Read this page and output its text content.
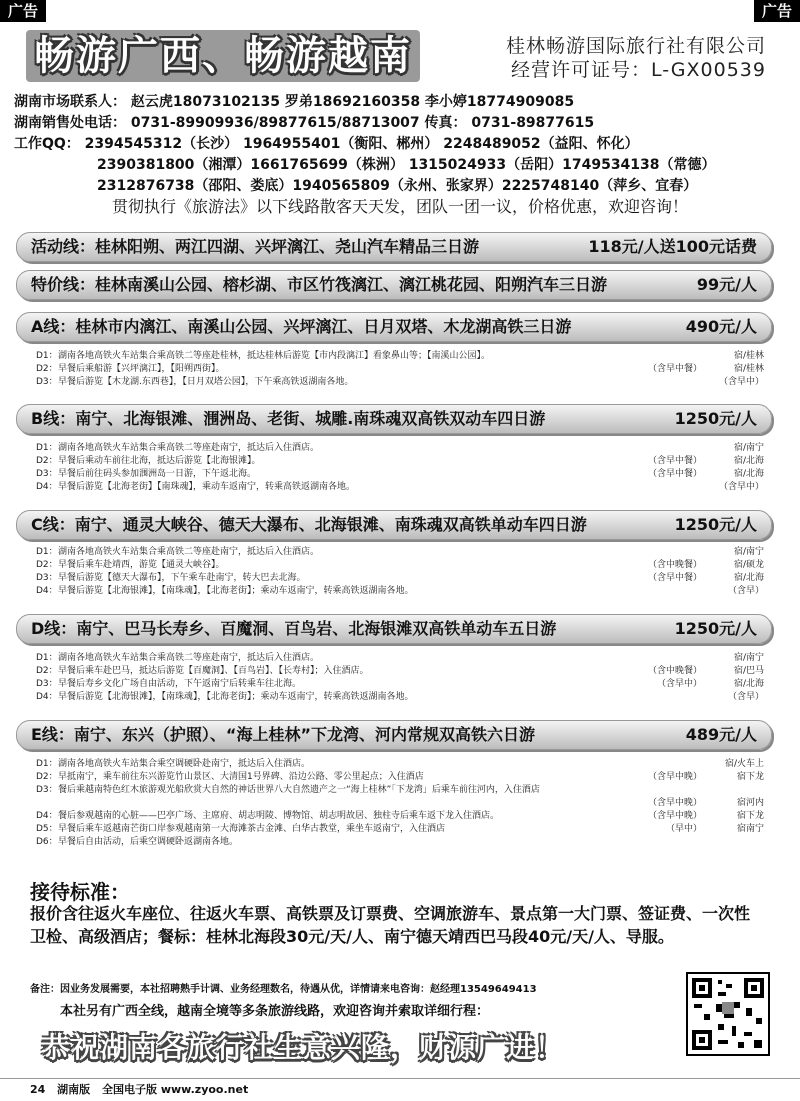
广告	广告
畅游广西、畅游越南	桂林畅游国际旅行社有限公司
经营许可证号：L-GX00539
湖南市场联系人： 赵云虎18073102135 罗弟18692160358 李小婷18774909085
湖南销售处电话： 0731-89909936/89877615/88713007 传真： 0731-89877615
工作QQ： 2394545312（长沙） 1964955401（衡阳、郴州） 2248489052（益阳、怀化）
2390381800（湘潭）1661765699（株洲） 1315024933（岳阳）1749534138（常德）
2312876738（邵阳、娄底）1940565809（永州、张家界）2225748140（萍乡、宜春）
贯彻执行《旅游法》以下线路散客天天发，团队一团一议，价格优惠，欢迎咨询！
活动线：桂林阳朔、两江四湖、兴坪漓江、尧山汽车精品三日游	118元/人送100元话费
特价线：桂林南溪山公园、榕杉湖、市区竹筏漓江、漓江桃花园、阳朔汽车三日游	99元/人
A线：桂林市内漓江、南溪山公园、兴坪漓江、日月双塔、木龙湖高铁三日游	490元/人
D1：湖南各地高铁火车站集合乘高铁二等座赴桂林，抵达桂林后游览【市内段漓江】看象鼻山等；【南溪山公园】。	宿/桂林
D2：早餐后乘船游【兴坪漓江】，【阳朔西街】。	（含早中餐）	宿/桂林
D3：早餐后游览【木龙湖.东西巷】，【日月双塔公园】，下午乘高铁返湖南各地。	（含早中）
B线：南宁、北海银滩、涠洲岛、老街、城雕.南珠魂双高铁双动车四日游	1250元/人
D1：湖南各地高铁火车站集合乘高铁二等座赴南宁，抵达后入住酒店。	宿/南宁
D2：早餐后乘动车前往北海，抵达后游览【北海银滩】。	（含早中餐）	宿/北海
D3：早餐后前往码头参加涠洲岛一日游，下午返北海。	（含早中餐）	宿/北海
D4：早餐后游览【北海老街】【南珠魂】，乘动车返南宁，转乘高铁返湖南各地。	（含早中）
C线：南宁、通灵大峡谷、德天大瀑布、北海银滩、南珠魂双高铁单动车四日游	1250元/人
D1：湖南各地高铁火车站集合乘高铁二等座赴南宁，抵达后入住酒店。	宿/南宁
D2：早餐后乘车赴靖西，游览【通灵大峡谷】。	（含中晚餐）	宿/硕龙
D3：早餐后游览【德天大瀑布】，下午乘车赴南宁，转大巴去北海。	（含早中餐）	宿/北海
D4：早餐后游览【北海银滩】，【南珠魂】，【北海老街】；乘动车返南宁，转乘高铁返湖南各地。	（含早）
D线：南宁、巴马长寿乡、百魔洞、百鸟岩、北海银滩双高铁单动车五日游	1250元/人
D1：湖南各地高铁火车站集合乘高铁二等座赴南宁，抵达后入住酒店。	宿/南宁
D2：早餐后乘车赴巴马，抵达后游览【百魔洞】、【百鸟岩】、【长寿村】；入住酒店。	（含中晚餐）	宿/巴马
D3：早餐后寿乡文化广场自由活动，下午返南宁后转乘车往北海。	（含早中）	宿/北海
D4：早餐后游览【北海银滩】，【南珠魂】，【北海老街】；乘动车返南宁，转乘高铁返湖南各地。	（含早）
E线：南宁、东兴（护照）、“海上桂林”下龙湾、河内常规双高铁六日游	489元/人
D1：湖南各地高铁火车站集合乘空调硬卧赴南宁，抵达后入住酒店。	宿/火车上
D2：早抵南宁，乘车前往东兴游览竹山景区、大清国1号界碑、沿边公路、零公里起点；入住酒店	（含早中晚）	宿下龙
D3：餐后乘越南特色红木旅游观光船欣赏大自然的神话世界八大自然遗产之一“海上桂林”「下龙湾」后乘车前往河内，入住酒店
（含早中晚）	宿河内
D4：餐后参观越南的心脏——巴亭广场、主席府、胡志明陵、博物馆、胡志明故居、独柱寺后乘车返下龙入住酒店。	（含早中晚）	宿下龙
D5：早餐后乘车返越南芒街口岸参观越南第一大海滩茶古金滩、白华古教堂，乘坐车返南宁，入住酒店	（早中）	宿南宁
D6：早餐后自由活动，后乘空调硬卧返湖南各地。
接待标准：
报价含往返火车座位、往返火车票、高铁票及订票费、空调旅游车、景点第一大门票、签证费、一次性卫检、高级酒店；餐标：桂林北海段30元/天/人、南宁德天靖西巴马段40元/天/人、导服。
备注：因业务发展需要，本社招聘熟手计调、业务经理数名，待遇从优，详情请来电咨询：赵经理13549649413
本社另有广西全线，越南全境等多条旅游线路，欢迎咨询并索取详细行程：
恭祝湖南各旅行社生意兴隆，财源广进！
24 湖南版 全国电子版 www.zyoo.net
